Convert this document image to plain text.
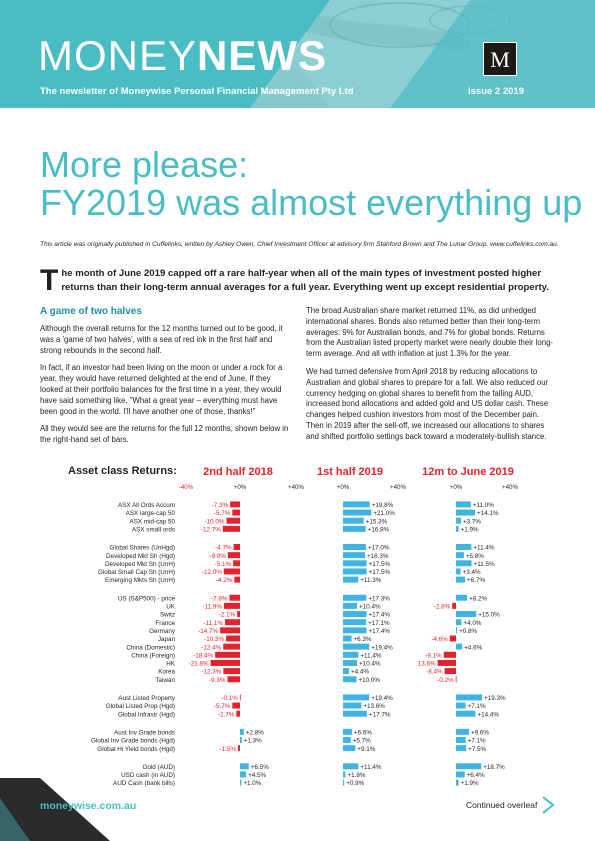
MONEYNEWS
The newsletter of Moneywise Personal Financial Management Pty Ltd	Issue 2 2019
M
More please:
FY2019 was almost everything up
This article was originally published in Cuffelinks, written by Ashley Owen, Chief Investment Officer at advisory firm Stanford Brown and The Lunar Group. www.cuffelinks.com.au.
The month of June 2019 capped off a rare half-year when all of the main types of investment posted higher returns than their long-term annual averages for a full year. Everything went up except residential property.
A game of two halves

Although the overall returns for the 12 months turned out to be good, it was a 'game of two halves', with a sea of red ink in the first half and strong rebounds in the second half.

In fact, if an investor had been living on the moon or under a rock for a year, they would have returned delighted at the end of June. If they looked at their portfolio balances for the first time in a year, they would have said something like, "What a great year – everything must have been good in the world. I'll have another one of those, thanks!"

All they would see are the returns for the full 12 months, shown below in the right-hand set of bars.

The broad Australian share market returned 11%, as did unhedged international shares. Bonds also returned better than their long-term averages: 9% for Australian bonds, and 7% for global bonds. Returns from the Australian listed property market were nearly double their long-term average. And all with inflation at just 1.3% for the year.

We had turned defensive from April 2018 by reducing allocations to Australian and global shares to prepare for a fall. We also reduced our currency hedging on global shares to benefit from the falling AUD, increased bond allocations and added gold and US dollar cash. These changes helped cushion investors from most of the December pain. Then in 2019 after the sell-off, we increased our allocations to shares and shifted portfolio settings back toward a moderately-bullish stance.

Asset class Returns: 2nd half 2018
-40%	+0%	+40%
1st half 2019
+0%	+40%
12m to June 2019
+0%	+40%
ASX All Ords Accum	-7.3%	+19.8%	+11.0%
ASX large-cap 50	-5.7%	+21.0%	+14.1%
ASX mid-cap 50	-10.0%	+15.3%	+3.7%
ASX small ords	-12.7%	+16.8%	+1.9%
Global Shares (UnHgd)	-4.7%	+17.0%	+11.4%
Developed Mkt Sh (Hgd)	-9.0%	+16.3%	+5.8%
Developed Mkt Sh (UnH)	-5.1%	+17.5%	+11.5%
Global Small Cap Sh (UnH)	-12.0%	+17.5%	+3.4%
Emerging Mkts Sh (UnH)	-4.2%	+11.3%	+6.7%
US (S&P500) - price	-7.8%	+17.3%	+8.2%
UK	-11.9%	+10.4%	-2.8%
Switz	-2.1%	+17.4%	+15.0%
France	-11.1%	+17.1%	+4.0%
Germany	-14.7%	+17.4%	+0.8%
Japan	-10.3%	+6.3%	-4.6%
China (Domestic)	-12.4%	+19.4%	+4.6%
China (Foreign)	-18.4%	+11.4%	-9.1%
HK -21.8%	+10.4%	13.6%
Korea	-12.3%	+4.4%	-8.4%
Taiwan	-9.3%	+10.0%	-0.2%
Aust Listed Property	-0.1%	+19.4%	+19.3%
Global Listed Prop (Hgd)	-5.7%	+13.6%	+7.1%
Global Infrastr (Hgd)	-2.7%	+17.7%	+14.4%
Aust Inv Grade bonds	+2.8%	+6.6%	+9.6%
Global Inv Grade bonds (Hgd)	+1.3%	+5.7%	+7.1%
Global Hi Yield bonds (Hgd)	-1.5%	+9.1%	+7.5%
Gold (AUD)	+6.5%	+11.4%	+18.7%
USD cash (in AUD)	+4.5%	+1.8%	+6.4%
AUD Cash (bank bills)	+1.0%	+0.9%	+1.9%
moneywise.com.au	Continued overleaf
